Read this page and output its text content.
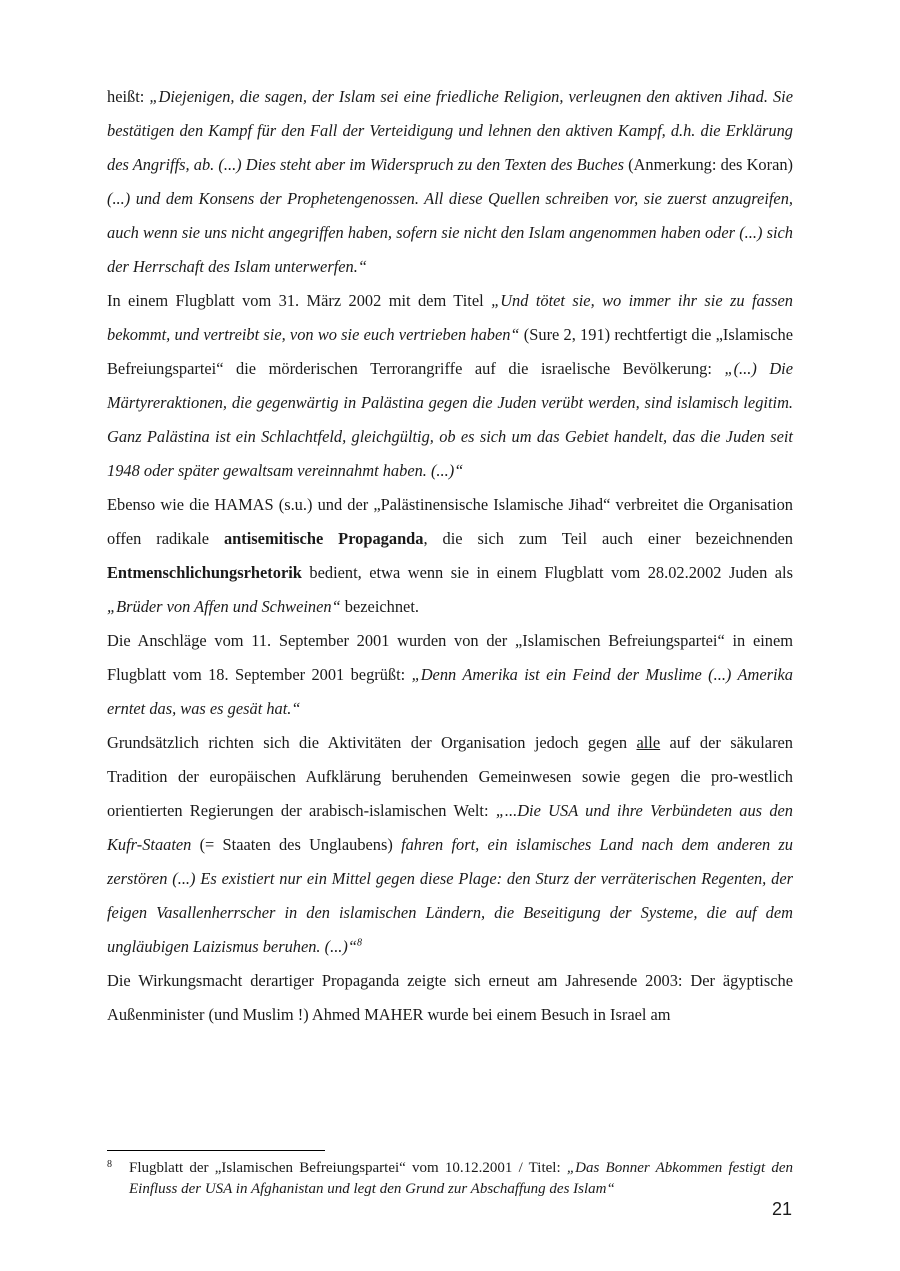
heißt: „Diejenigen, die sagen, der Islam sei eine friedliche Religion, verleugnen den aktiven Jihad. Sie bestätigen den Kampf für den Fall der Verteidigung und lehnen den aktiven Kampf, d.h. die Erklärung des Angriffs, ab. (...) Dies steht aber im Widerspruch zu den Texten des Buches (Anmerkung: des Koran) (...) und dem Konsens der Prophetengenossen. All diese Quellen schreiben vor, sie zuerst anzugreifen, auch wenn sie uns nicht angegriffen haben, sofern sie nicht den Islam angenommen haben oder (...) sich der Herrschaft des Islam unterwerfen.“

In einem Flugblatt vom 31. März 2002 mit dem Titel „Und tötet sie, wo immer ihr sie zu fassen bekommt, und vertreibt sie, von wo sie euch vertrieben haben“ (Sure 2, 191) rechtfertigt die „Islamische Befreiungspartei“ die mörderischen Terrorangriffe auf die israelische Bevölkerung: „(...) Die Märtyreraktionen, die gegenwärtig in Palästina gegen die Juden verübt werden, sind islamisch legitim. Ganz Palästina ist ein Schlachtfeld, gleichgültig, ob es sich um das Gebiet handelt, das die Juden seit 1948 oder später gewaltsam vereinnahmt haben. (...)“

Ebenso wie die HAMAS (s.u.) und der „Palästinensische Islamische Jihad“ verbreitet die Organisation offen radikale antisemitische Propaganda, die sich zum Teil auch einer bezeichnenden Entmenschlichungsrhetorik bedient, etwa wenn sie in einem Flugblatt vom 28.02.2002 Juden als „Brüder von Affen und Schweinen“ bezeichnet.

Die Anschläge vom 11. September 2001 wurden von der „Islamischen Befreiungspartei“ in einem Flugblatt vom 18. September 2001 begrüßt: „Denn Amerika ist ein Feind der Muslime (...) Amerika erntet das, was es gesät hat.“

Grundsätzlich richten sich die Aktivitäten der Organisation jedoch gegen alle auf der säkularen Tradition der europäischen Aufklärung beruhenden Gemeinwesen sowie gegen die pro-westlich orientierten Regierungen der arabisch-islamischen Welt: „...Die USA und ihre Verbündeten aus den Kufr-Staaten (= Staaten des Unglaubens) fahren fort, ein islamisches Land nach dem anderen zu zerstören (...) Es existiert nur ein Mittel gegen diese Plage: den Sturz der verräterischen Regenten, der feigen Vasallenherrscher in den islamischen Ländern, die Beseitigung der Systeme, die auf dem ungläubigen Laizismus beruhen. (...)“$^8$

Die Wirkungsmacht derartiger Propaganda zeigte sich erneut am Jahresende 2003: Der ägyptische Außenminister (und Muslim !) Ahmed MAHER wurde bei einem Besuch in Israel am

8 Flugblatt der „Islamischen Befreiungspartei“ vom 10.12.2001 / Titel: „Das Bonner Abkommen festigt den Einfluss der USA in Afghanistan und legt den Grund zur Abschaffung des Islam“
21
